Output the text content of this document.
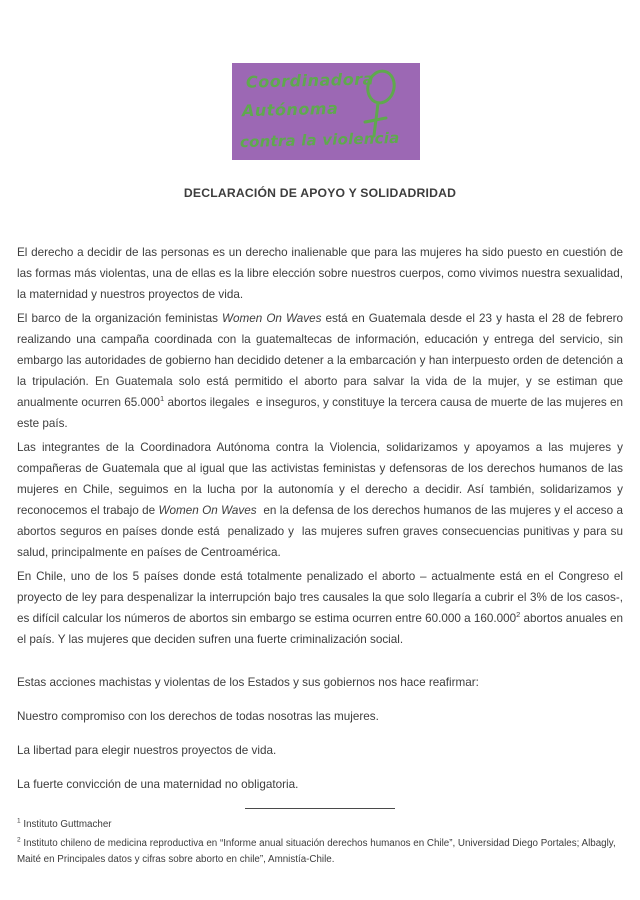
Coordinadora
Autónoma
contra la violencia
DECLARACIÓN DE APOYO Y SOLIDADRIDAD

El derecho a decidir de las personas es un derecho inalienable que para las mujeres ha sido puesto en cuestión de las formas más violentas, una de ellas es la libre elección sobre nuestros cuerpos, como vivimos nuestra sexualidad,  la maternidad y nuestros proyectos de vida.

El barco de la organización feministas Women On Waves está en Guatemala desde el 23 y hasta el 28 de febrero realizando una campaña coordinada con la guatemaltecas de información, educación y entrega del servicio, sin embargo las autoridades de gobierno han decidido detener a la embarcación y han interpuesto orden de detención a la tripulación. En Guatemala solo está permitido el aborto para salvar la vida de la mujer, y se estiman que anualmente ocurren 65.000$^1$ abortos ilegales  e inseguros, y constituye la tercera causa de muerte de las mujeres en este país.

Las integrantes de la Coordinadora Autónoma contra la Violencia, solidarizamos y apoyamos a las mujeres y compañeras de Guatemala que al igual que las activistas feministas y defensoras de los derechos humanos de las mujeres en Chile, seguimos en la lucha por la autonomía y el derecho a decidir. Así también, solidarizamos y reconocemos el trabajo de Women On Waves  en la defensa de los derechos humanos de las mujeres y el acceso a abortos seguros en países donde está  penalizado y  las mujeres sufren graves consecuencias punitivas y para su salud, principalmente en países de Centroamérica.

En Chile, uno de los 5 países donde está totalmente penalizado el aborto – actualmente está en el Congreso el proyecto de ley para despenalizar la interrupción bajo tres causales la que solo llegaría a cubrir el 3% de los casos-, es difícil calcular los números de abortos sin embargo se estima ocurren entre 60.000 a 160.000$^2$ abortos anuales en el país. Y las mujeres que deciden sufren una fuerte criminalización social.

Estas acciones machistas y violentas de los Estados y sus gobiernos nos hace reafirmar:

Nuestro compromiso con los derechos de todas nosotras las mujeres.

La libertad para elegir nuestros proyectos de vida.

La fuerte convicción de una maternidad no obligatoria.

$^1$ Instituto Guttmacher

$^2$ Instituto chileno de medicina reproductiva en “Informe anual situación derechos humanos en Chile”, Universidad Diego Portales; Albagly, Maité en Principales datos y cifras sobre aborto en chile”, Amnistía-Chile.
